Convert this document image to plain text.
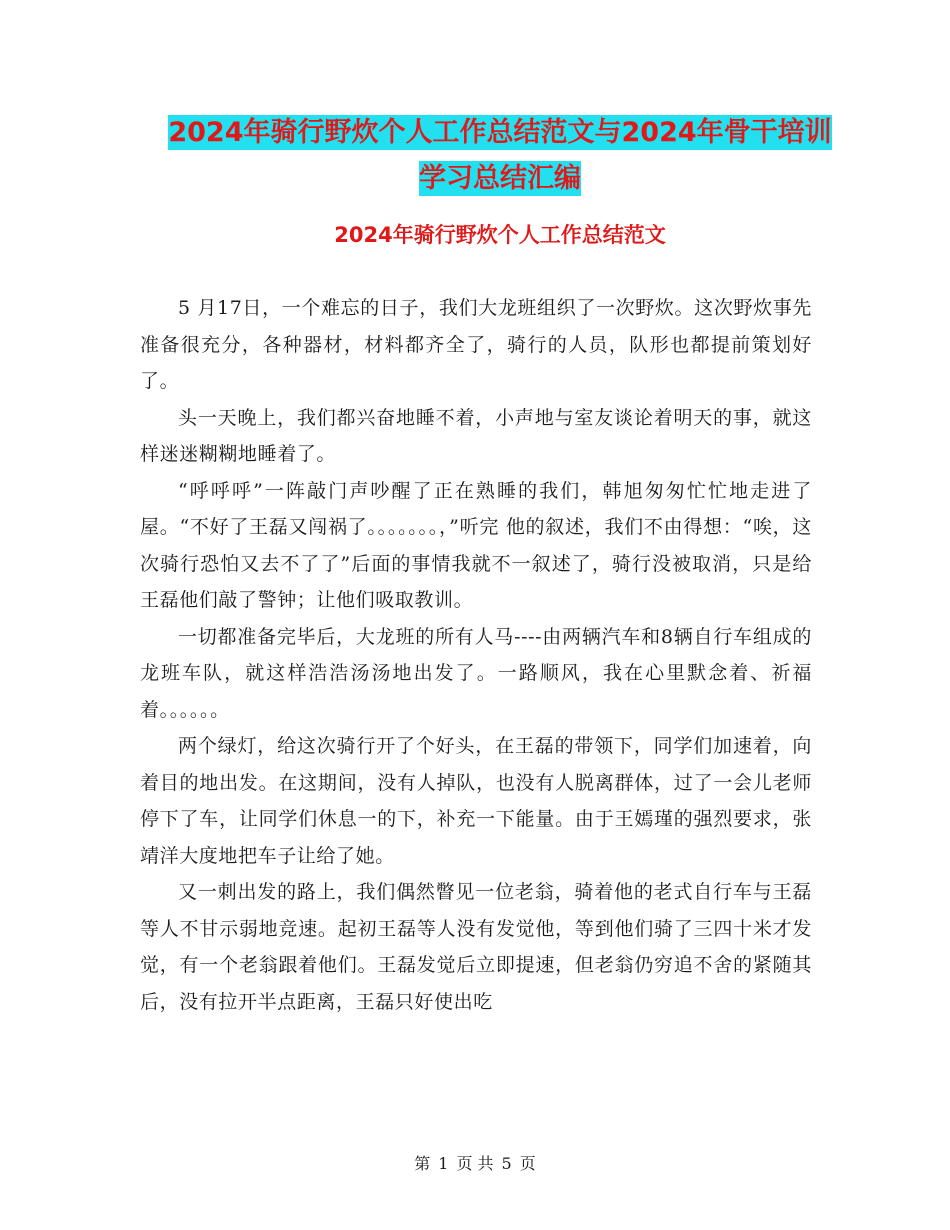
2024年骑行野炊个人工作总结范文与2024年骨干培训
学习总结汇编
2024年骑行野炊个人工作总结范文

5 月17日，一个难忘的日子，我们大龙班组织了一次野炊。这次野炊事先准备很充分，各种器材，材料都齐全了，骑行的人员，队形也都提前策划好了。

头一天晚上，我们都兴奋地睡不着，小声地与室友谈论着明天的事，就这样迷迷糊糊地睡着了。

“呼呼呼”一阵敲门声吵醒了正在熟睡的我们，韩旭匆匆忙忙地走进了屋。“不好了王磊又闯祸了。。。。。。。，”听完 他的叙述，我们不由得想：“唉，这次骑行恐怕又去不了了”后面的事情我就不一叙述了，骑行没被取消，只是给王磊他们敲了警钟；让他们吸取教训。

一切都准备完毕后，大龙班的所有人马----由两辆汽车和8辆自行车组成的龙班车队，就这样浩浩汤汤地出发了。一路顺风，我在心里默念着、祈福着。。。。。。

两个绿灯，给这次骑行开了个好头，在王磊的带领下，同学们加速着，向着目的地出发。在这期间，没有人掉队，也没有人脱离群体，过了一会儿老师停下了车，让同学们休息一的下，补充一下能量。由于王嫣瑾的强烈要求，张靖洋大度地把车子让给了她。

又一刺出发的路上，我们偶然瞥见一位老翁，骑着他的老式自行车与王磊等人不甘示弱地竞速。起初王磊等人没有发觉他，等到他们骑了三四十米才发觉，有一个老翁跟着他们。王磊发觉后立即提速，但老翁仍穷追不舍的紧随其后，没有拉开半点距离，王磊只好使出吃

第 1 页 共 5 页
